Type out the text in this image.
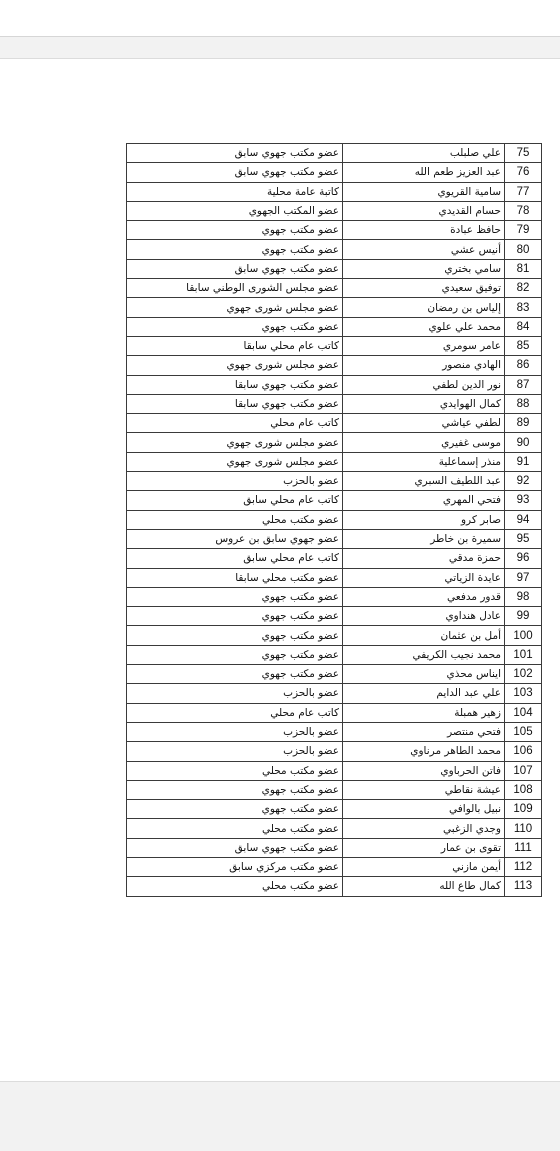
75	علي صلبلب	عضو مكتب جهوي سابق
76	عبد العزيز طعم الله	عضو مكتب جهوي سابق
77	سامية القريوي	كاتبة عامة محلية
78	حسام القديدي	عضو المكتب الجهوي
79	حافظ عبادة	عضو مكتب جهوي
80	أنيس عشي	عضو مكتب جهوي
81	سامي بختري	عضو مكتب جهوي سابق
82	توفيق سعيدي	عضو مجلس الشورى الوطني سابقا
83	إلياس بن رمضان	عضو مجلس شورى جهوي
84	محمد علي علوي	عضو مكتب جهوي
85	عامر سومري	كاتب عام محلي سابقا
86	الهادي منصور	عضو مجلس شورى جهوي
87	نور الدين لطفي	عضو مكتب جهوي سابقا
88	كمال الهوايدي	عضو مكتب جهوي سابقا
89	لطفي عياشي	كاتب عام محلي
90	موسى غفيري	عضو مجلس شورى جهوي
91	منذر إسماعلية	عضو مجلس شورى جهوي
92	عبد اللطيف السبري	عضو بالحزب
93	فتحي المهري	كاتب عام محلي سابق
94	صابر كرو	عضو مكتب محلي
95	سميرة بن خاطر	عضو جهوي سابق بن عروس
96	حمزة مدقي	كاتب عام محلي سابق
97	عايدة الزياتي	عضو مكتب محلي سابقا
98	قدور مدفعي	عضو مكتب جهوي
99	عادل هنداوي	عضو مكتب جهوي
100	أمل بن عثمان	عضو مكتب جهوي
101	محمد نجيب الكريفي	عضو مكتب جهوي
102	ايناس محذي	عضو مكتب جهوي
103	علي عبد الدايم	عضو بالحزب
104	زهير همبلة	كاتب عام محلي
105	فتحي منتصر	عضو بالحزب
106	محمد الطاهر مرناوي	عضو بالحزب
107	فاتن الحرباوي	عضو مكتب محلي
108	عيشة نقاطي	عضو مكتب جهوي
109	نبيل بالوافي	عضو مكتب جهوي
110	وجدي الزغبي	عضو مكتب محلي
111	تقوى بن عمار	عضو مكتب جهوي سابق
112	أيمن مازني	عضو مكتب مركزي سابق
113	كمال طاع الله	عضو مكتب محلي
